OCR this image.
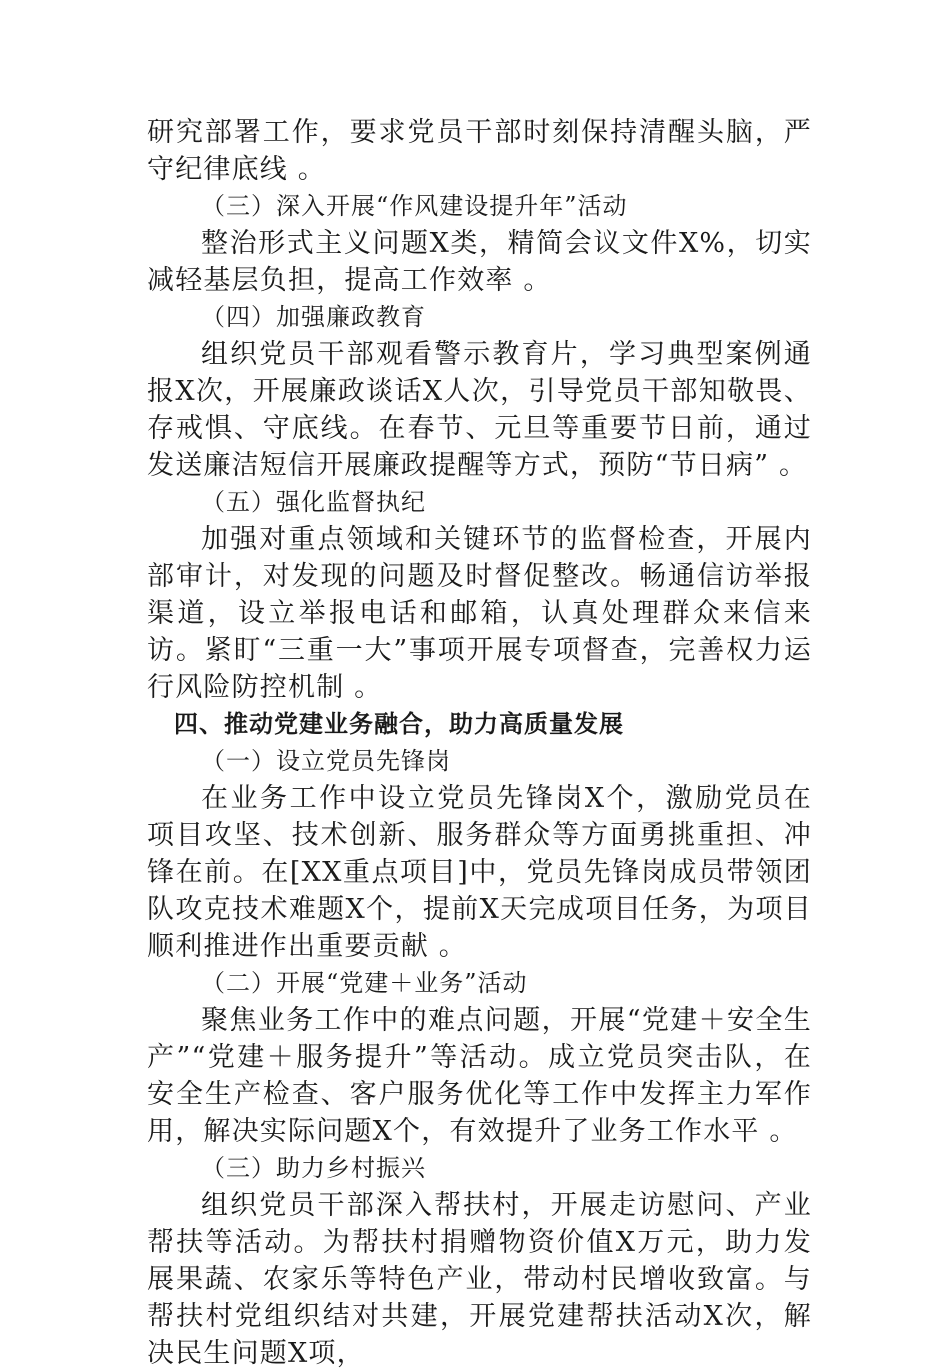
研究部署工作，要求党员干部时刻保持清醒头脑，严守纪律底线 。

（三）深入开展“作风建设提升年”活动

整治形式主义问题X类，精简会议文件X%，切实减轻基层负担，提高工作效率 。

（四）加强廉政教育

组织党员干部观看警示教育片，学习典型案例通报X次，开展廉政谈话X人次，引导党员干部知敬畏、存戒惧、守底线。在春节、元旦等重要节日前，通过发送廉洁短信开展廉政提醒等方式，预防“节日病” 。

（五）强化监督执纪

加强对重点领域和关键环节的监督检查，开展内部审计，对发现的问题及时督促整改。畅通信访举报渠道，设立举报电话和邮箱，认真处理群众来信来访。紧盯“三重一大”事项开展专项督查，完善权力运行风险防控机制 。

四、推动党建业务融合，助力高质量发展

（一）设立党员先锋岗

在业务工作中设立党员先锋岗X个，激励党员在项目攻坚、技术创新、服务群众等方面勇挑重担、冲锋在前。在[XX重点项目]中，党员先锋岗成员带领团队攻克技术难题X个，提前X天完成项目任务，为项目顺利推进作出重要贡献 。

（二）开展“党建＋业务”活动

聚焦业务工作中的难点问题，开展“党建＋安全生产”“党建＋服务提升”等活动。成立党员突击队，在安全生产检查、客户服务优化等工作中发挥主力军作用，解决实际问题X个，有效提升了业务工作水平 。

（三）助力乡村振兴

组织党员干部深入帮扶村，开展走访慰问、产业帮扶等活动。为帮扶村捐赠物资价值X万元，助力发展果蔬、农家乐等特色产业，带动村民增收致富。与帮扶村党组织结对共建，开展党建帮扶活动X次，解决民生问题X项，
